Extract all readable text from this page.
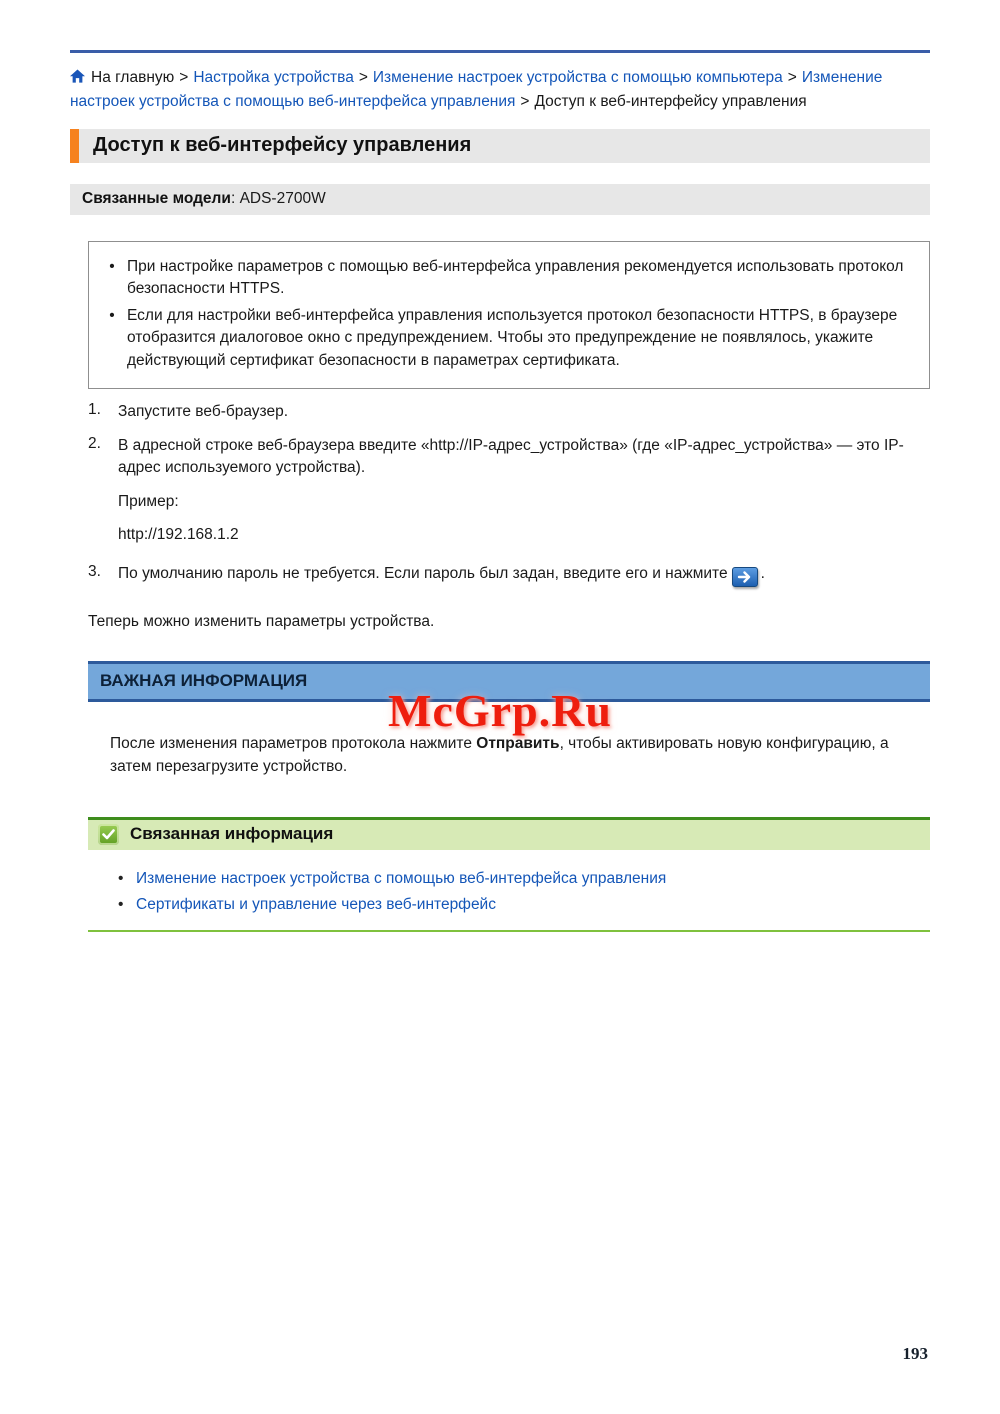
На главную > Настройка устройства > Изменение настроек устройства с помощью компьютера > Изменение настроек устройства с помощью веб-интерфейса управления > Доступ к веб-интерфейсу управления

Доступ к веб-интерфейсу управления
Связанные модели: ADS-2700W
• При настройке параметров с помощью веб-интерфейса управления рекомендуется использовать протокол безопасности HTTPS.
• Если для настройки веб-интерфейса управления используется протокол безопасности HTTPS, в браузере отобразится диалоговое окно с предупреждением. Чтобы это предупреждение не появлялось, укажите действующий сертификат безопасности в параметрах сертификата.
1.	Запустите веб-браузер.
2.	В адресной строке веб-браузера введите «http://IP-адрес_устройства» (где «IP-адрес_устройства» — это IP-адрес используемого устройства).
Пример:
http://192.168.1.2
3.	По умолчанию пароль не требуется. Если пароль был задан, введите его и нажмите .

Теперь можно изменить параметры устройства.

ВАЖНАЯ ИНФОРМАЦИЯ

После изменения параметров протокола нажмите Отправить, чтобы активировать новую конфигурацию, а затем перезагрузите устройство.

Связанная информация
• Изменение настроек устройства с помощью веб-интерфейса управления
• Сертификаты и управление через веб-интерфейс
McGrp.Ru
193
